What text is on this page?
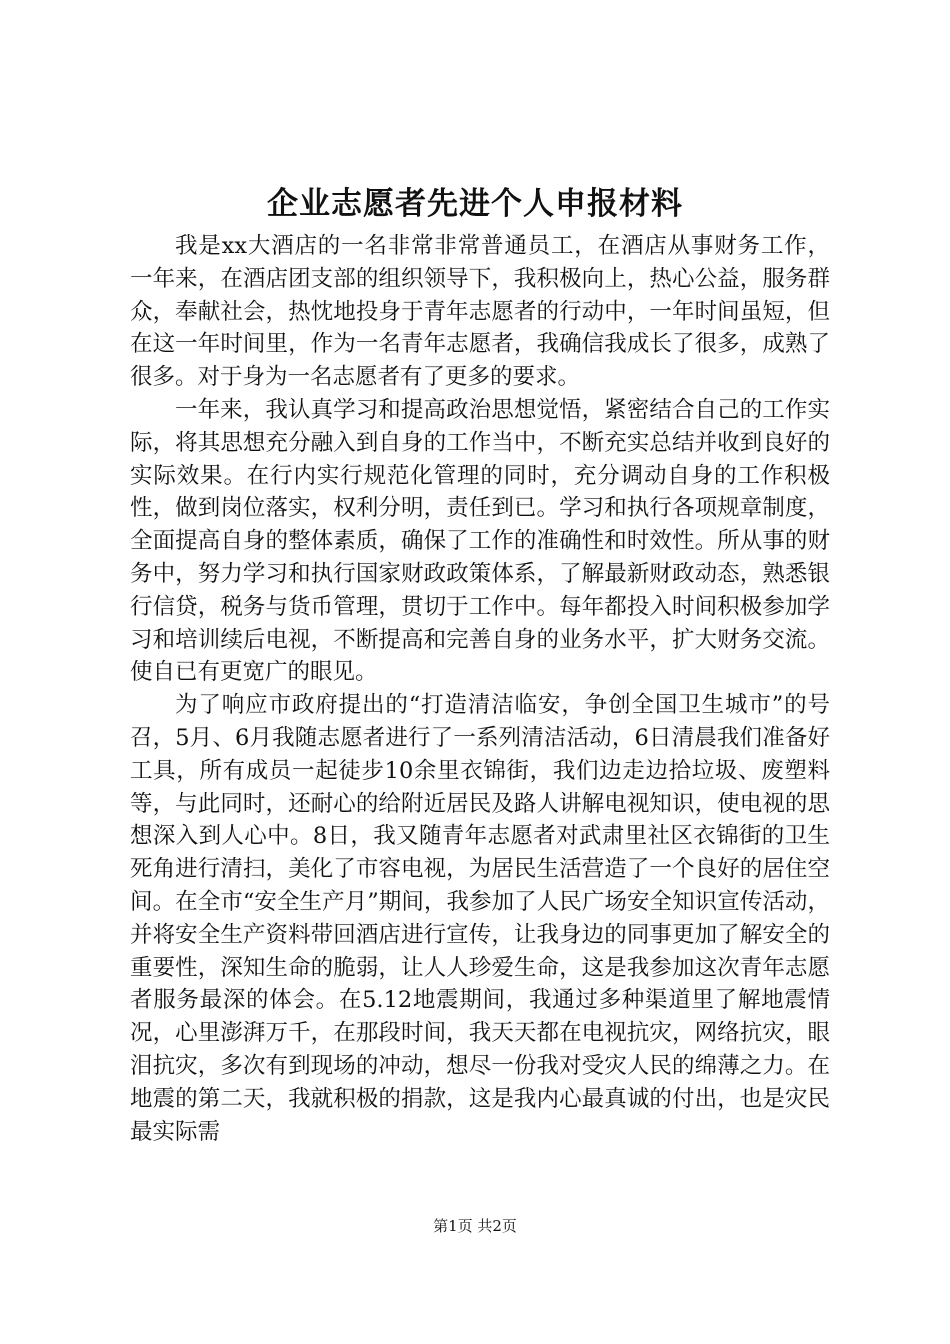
企业志愿者先进个人申报材料

我是xx大酒店的一名非常非常普通员工，在酒店从事财务工作，一年来，在酒店团支部的组织领导下，我积极向上，热心公益，服务群众，奉献社会，热忱地投身于青年志愿者的行动中，一年时间虽短，但在这一年时间里，作为一名青年志愿者，我确信我成长了很多，成熟了很多。对于身为一名志愿者有了更多的要求。

一年来，我认真学习和提高政治思想觉悟，紧密结合自己的工作实际，将其思想充分融入到自身的工作当中，不断充实总结并收到良好的实际效果。在行内实行规范化管理的同时，充分调动自身的工作积极性，做到岗位落实，权利分明，责任到已。学习和执行各项规章制度，全面提高自身的整体素质，确保了工作的准确性和时效性。所从事的财务中，努力学习和执行国家财政政策体系，了解最新财政动态，熟悉银行信贷，税务与货币管理，贯切于工作中。每年都投入时间积极参加学习和培训续后电视，不断提高和完善自身的业务水平，扩大财务交流。使自已有更宽广的眼见。

为了响应市政府提出的“打造清洁临安，争创全国卫生城市”的号召，5月、6月我随志愿者进行了一系列清洁活动，6日清晨我们准备好工具，所有成员一起徒步10余里衣锦街，我们边走边拾垃圾、废塑料等，与此同时，还耐心的给附近居民及路人讲解电视知识，使电视的思想深入到人心中。8日，我又随青年志愿者对武肃里社区衣锦街的卫生死角进行清扫，美化了市容电视，为居民生活营造了一个良好的居住空间。在全市“安全生产月”期间，我参加了人民广场安全知识宣传活动，并将安全生产资料带回酒店进行宣传，让我身边的同事更加了解安全的重要性，深知生命的脆弱，让人人珍爱生命，这是我参加这次青年志愿者服务最深的体会。在5.12地震期间，我通过多种渠道里了解地震情况，心里澎湃万千，在那段时间，我天天都在电视抗灾，网络抗灾，眼泪抗灾，多次有到现场的冲动，想尽一份我对受灾人民的绵薄之力。在地震的第二天，我就积极的捐款，这是我内心最真诚的付出，也是灾民最实际需

第1页 共2页
